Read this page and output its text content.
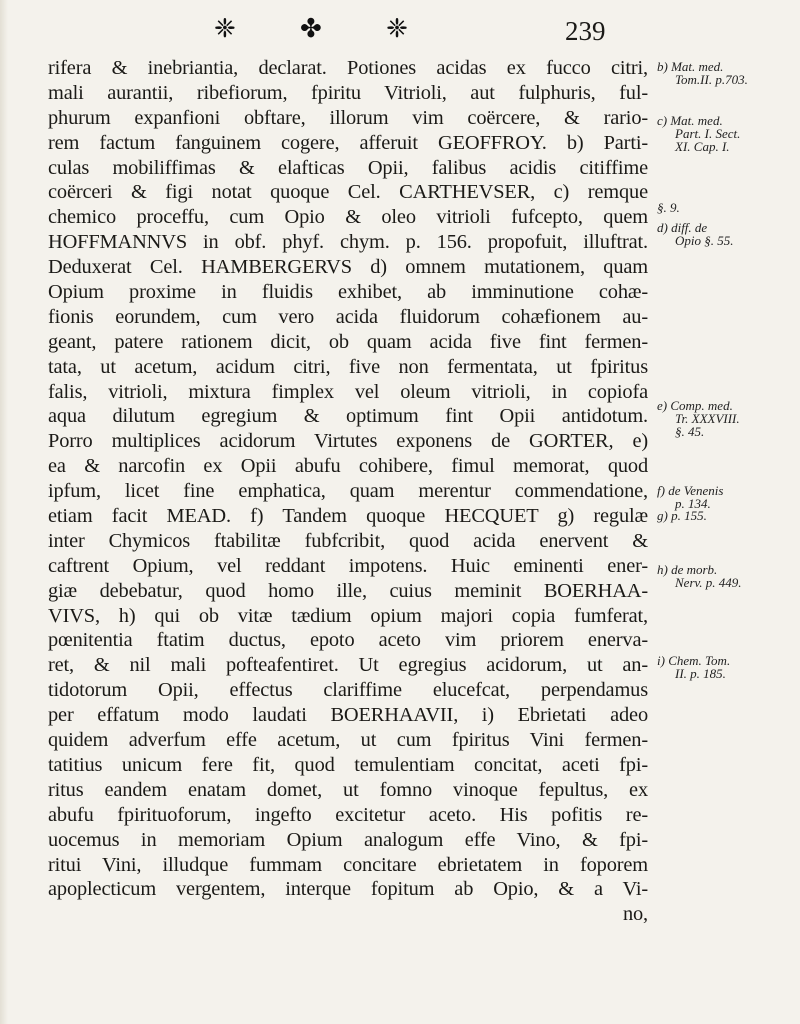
❈ ✤ ❈	239
rifera & inebriantia, declarat. Potiones acidas ex fucco citri,
mali aurantii, ribefiorum, fpiritu Vitrioli, aut fulphuris, ful-
phurum expanfioni obftare, illorum vim coërcere, & rario-
rem factum fanguinem cogere, afferuit GEOFFROY. b) Parti-
culas mobiliffimas & elafticas Opii, falibus acidis citiffime
coërceri & figi notat quoque Cel. CARTHEVSER, c) remque
chemico proceffu, cum Opio & oleo vitrioli fufcepto, quem
HOFFMANNVS in obf. phyf. chym. p. 156. propofuit, illuftrat.
Deduxerat Cel. HAMBERGERVS d) omnem mutationem, quam
Opium proxime in fluidis exhibet, ab imminutione cohæ-
fionis eorundem, cum vero acida fluidorum cohæfionem au-
geant, patere rationem dicit, ob quam acida five fint fermen-
tata, ut acetum, acidum citri, five non fermentata, ut fpiritus
falis, vitrioli, mixtura fimplex vel oleum vitrioli, in copiofa
aqua dilutum egregium & optimum fint Opii antidotum.
Porro multiplices acidorum Virtutes exponens de GORTER, e)
ea & narcofin ex Opii abufu cohibere, fimul memorat, quod
ipfum, licet fine emphatica, quam merentur commendatione,
etiam facit MEAD. f) Tandem quoque HECQUET g) regulæ
inter Chymicos ftabilitæ fubfcribit, quod acida enervent &
caftrent Opium, vel reddant impotens. Huic eminenti ener-
giæ debebatur, quod homo ille, cuius meminit BOERHAA-
VIVS, h) qui ob vitæ tædium opium majori copia fumferat,
pœnitentia ftatim ductus, epoto aceto vim priorem enerva-
ret, & nil mali pofteafentiret. Ut egregius acidorum, ut an-
tidotorum Opii, effectus clariffime elucefcat, perpendamus
per effatum modo laudati BOERHAAVII, i) Ebrietati adeo
quidem adverfum effe acetum, ut cum fpiritus Vini fermen-
tatitius unicum fere fit, quod temulentiam concitat, aceti fpi-
ritus eandem enatam domet, ut fomno vinoque fepultus, ex
abufu fpirituoforum, ingefto excitetur aceto. His pofitis re-
uocemus in memoriam Opium analogum effe Vino, & fpi-
ritui Vini, illudque fummam concitare ebrietatem in foporem
apoplecticum vergentem, interque fopitum ab Opio, & a Vi-
no,
b) Mat. med.
Tom.II. p.703.
c) Mat. med.
Part. I. Sect.
XI. Cap. I.
§. 9.
d) diff. de
Opio §. 55.
e) Comp. med.
Tr. XXXVIII.
§. 45.
f) de Venenis
p. 134.
g) p. 155.
h) de morb.
Nerv. p. 449.
i) Chem. Tom.
II. p. 185.
